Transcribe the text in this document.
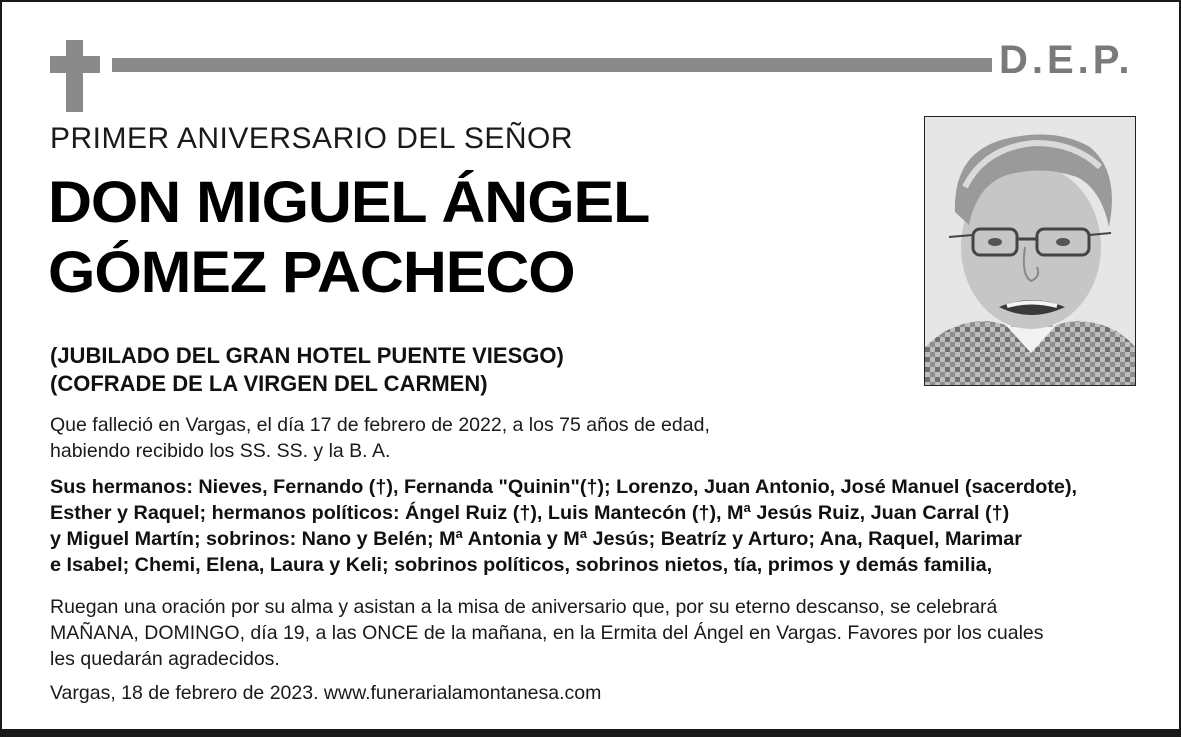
D.E.P.
PRIMER ANIVERSARIO DEL SEÑOR
DON MIGUEL ÁNGEL
GÓMEZ PACHECO
(JUBILADO DEL GRAN HOTEL PUENTE VIESGO)
(COFRADE DE LA VIRGEN DEL CARMEN)
Que falleció en Vargas, el día 17 de febrero de 2022, a los 75 años de edad,
habiendo recibido los SS. SS. y la B. A.
Sus hermanos: Nieves, Fernando (†), Fernanda "Quinin"(†); Lorenzo, Juan Antonio, José Manuel (sacerdote),
Esther y Raquel; hermanos políticos: Ángel Ruiz (†), Luis Mantecón (†), Mª Jesús Ruiz, Juan Carral (†)
y Miguel Martín; sobrinos: Nano y Belén; Mª Antonia y Mª Jesús; Beatríz y Arturo; Ana, Raquel, Marimar
e Isabel; Chemi, Elena, Laura y Keli; sobrinos políticos, sobrinos nietos, tía, primos y demás familia,
Ruegan una oración por su alma y asistan a la misa de aniversario que, por su eterno descanso, se celebrará
MAÑANA, DOMINGO, día 19, a las ONCE de la mañana, en la Ermita del Ángel en Vargas. Favores por los cuales
les quedarán agradecidos.
Vargas, 18 de febrero de 2023. www.funerarialamontanesa.com
